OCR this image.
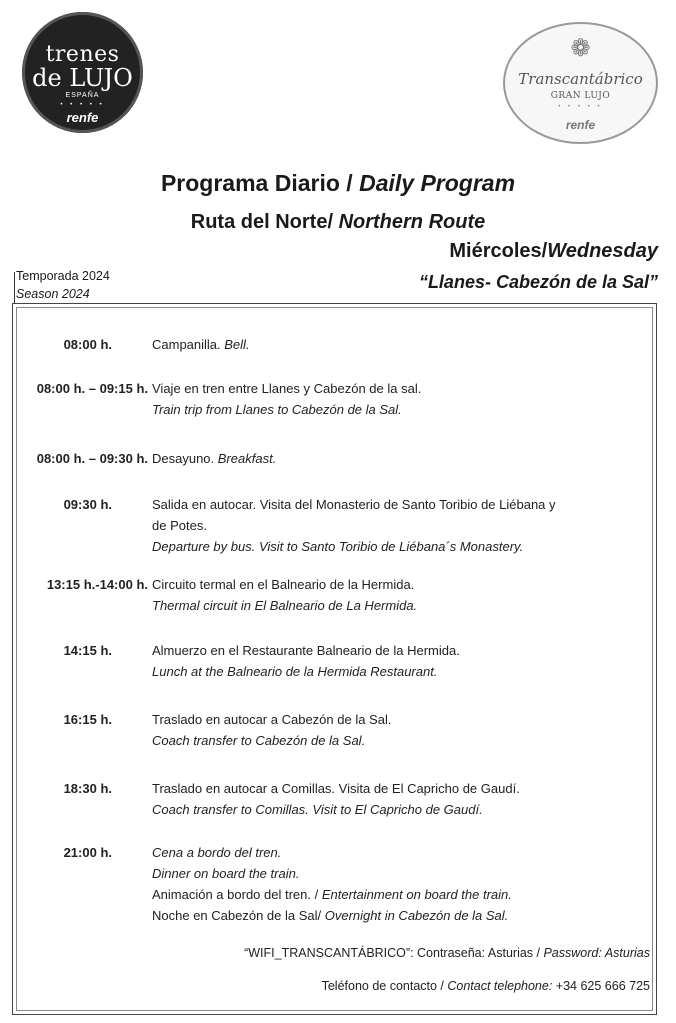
trenes
de LUJO
ESPAÑA
• • • • •
renfe
❁
Transcantábrico
GRAN LUJO
• • • • •
renfe
Programa Diario / Daily Program
Ruta del Norte/ Northern Route
Miércoles/Wednesday
“Llanes- Cabezón de la Sal”
Temporada 2024
Season 2024
08:00 h.	Campanilla. Bell.
08:00 h. – 09:15 h. Viaje en tren entre Llanes y Cabezón de la sal.
Train trip from Llanes to Cabezón de la Sal.
08:00 h. – 09:30 h. Desayuno. Breakfast.
09:30 h.	Salida en autocar. Visita del Monasterio de Santo Toribio de Liébana y
de Potes.
Departure by bus. Visit to Santo Toribio de Liébana´s Monastery.
13:15 h.-14:00 h. Circuito termal en el Balneario de la Hermida.
Thermal circuit in El Balneario de La Hermida.
14:15 h.	Almuerzo en el Restaurante Balneario de la Hermida.
Lunch at the Balneario de la Hermida Restaurant.
16:15 h.	Traslado en autocar a Cabezón de la Sal.
Coach transfer to Cabezón de la Sal.
18:30 h.	Traslado en autocar a Comillas. Visita de El Capricho de Gaudí.
Coach transfer to Comillas. Visit to El Capricho de Gaudí.
21:00 h.	Cena a bordo del tren.
Dinner on board the train.
Animación a bordo del tren. / Entertainment on board the train.
Noche en Cabezón de la Sal/ Overnight in Cabezón de la Sal.
“WIFI_TRANSCANTÁBRICO”: Contraseña: Asturias / Password: Asturias
Teléfono de contacto / Contact telephone: +34 625 666 725
